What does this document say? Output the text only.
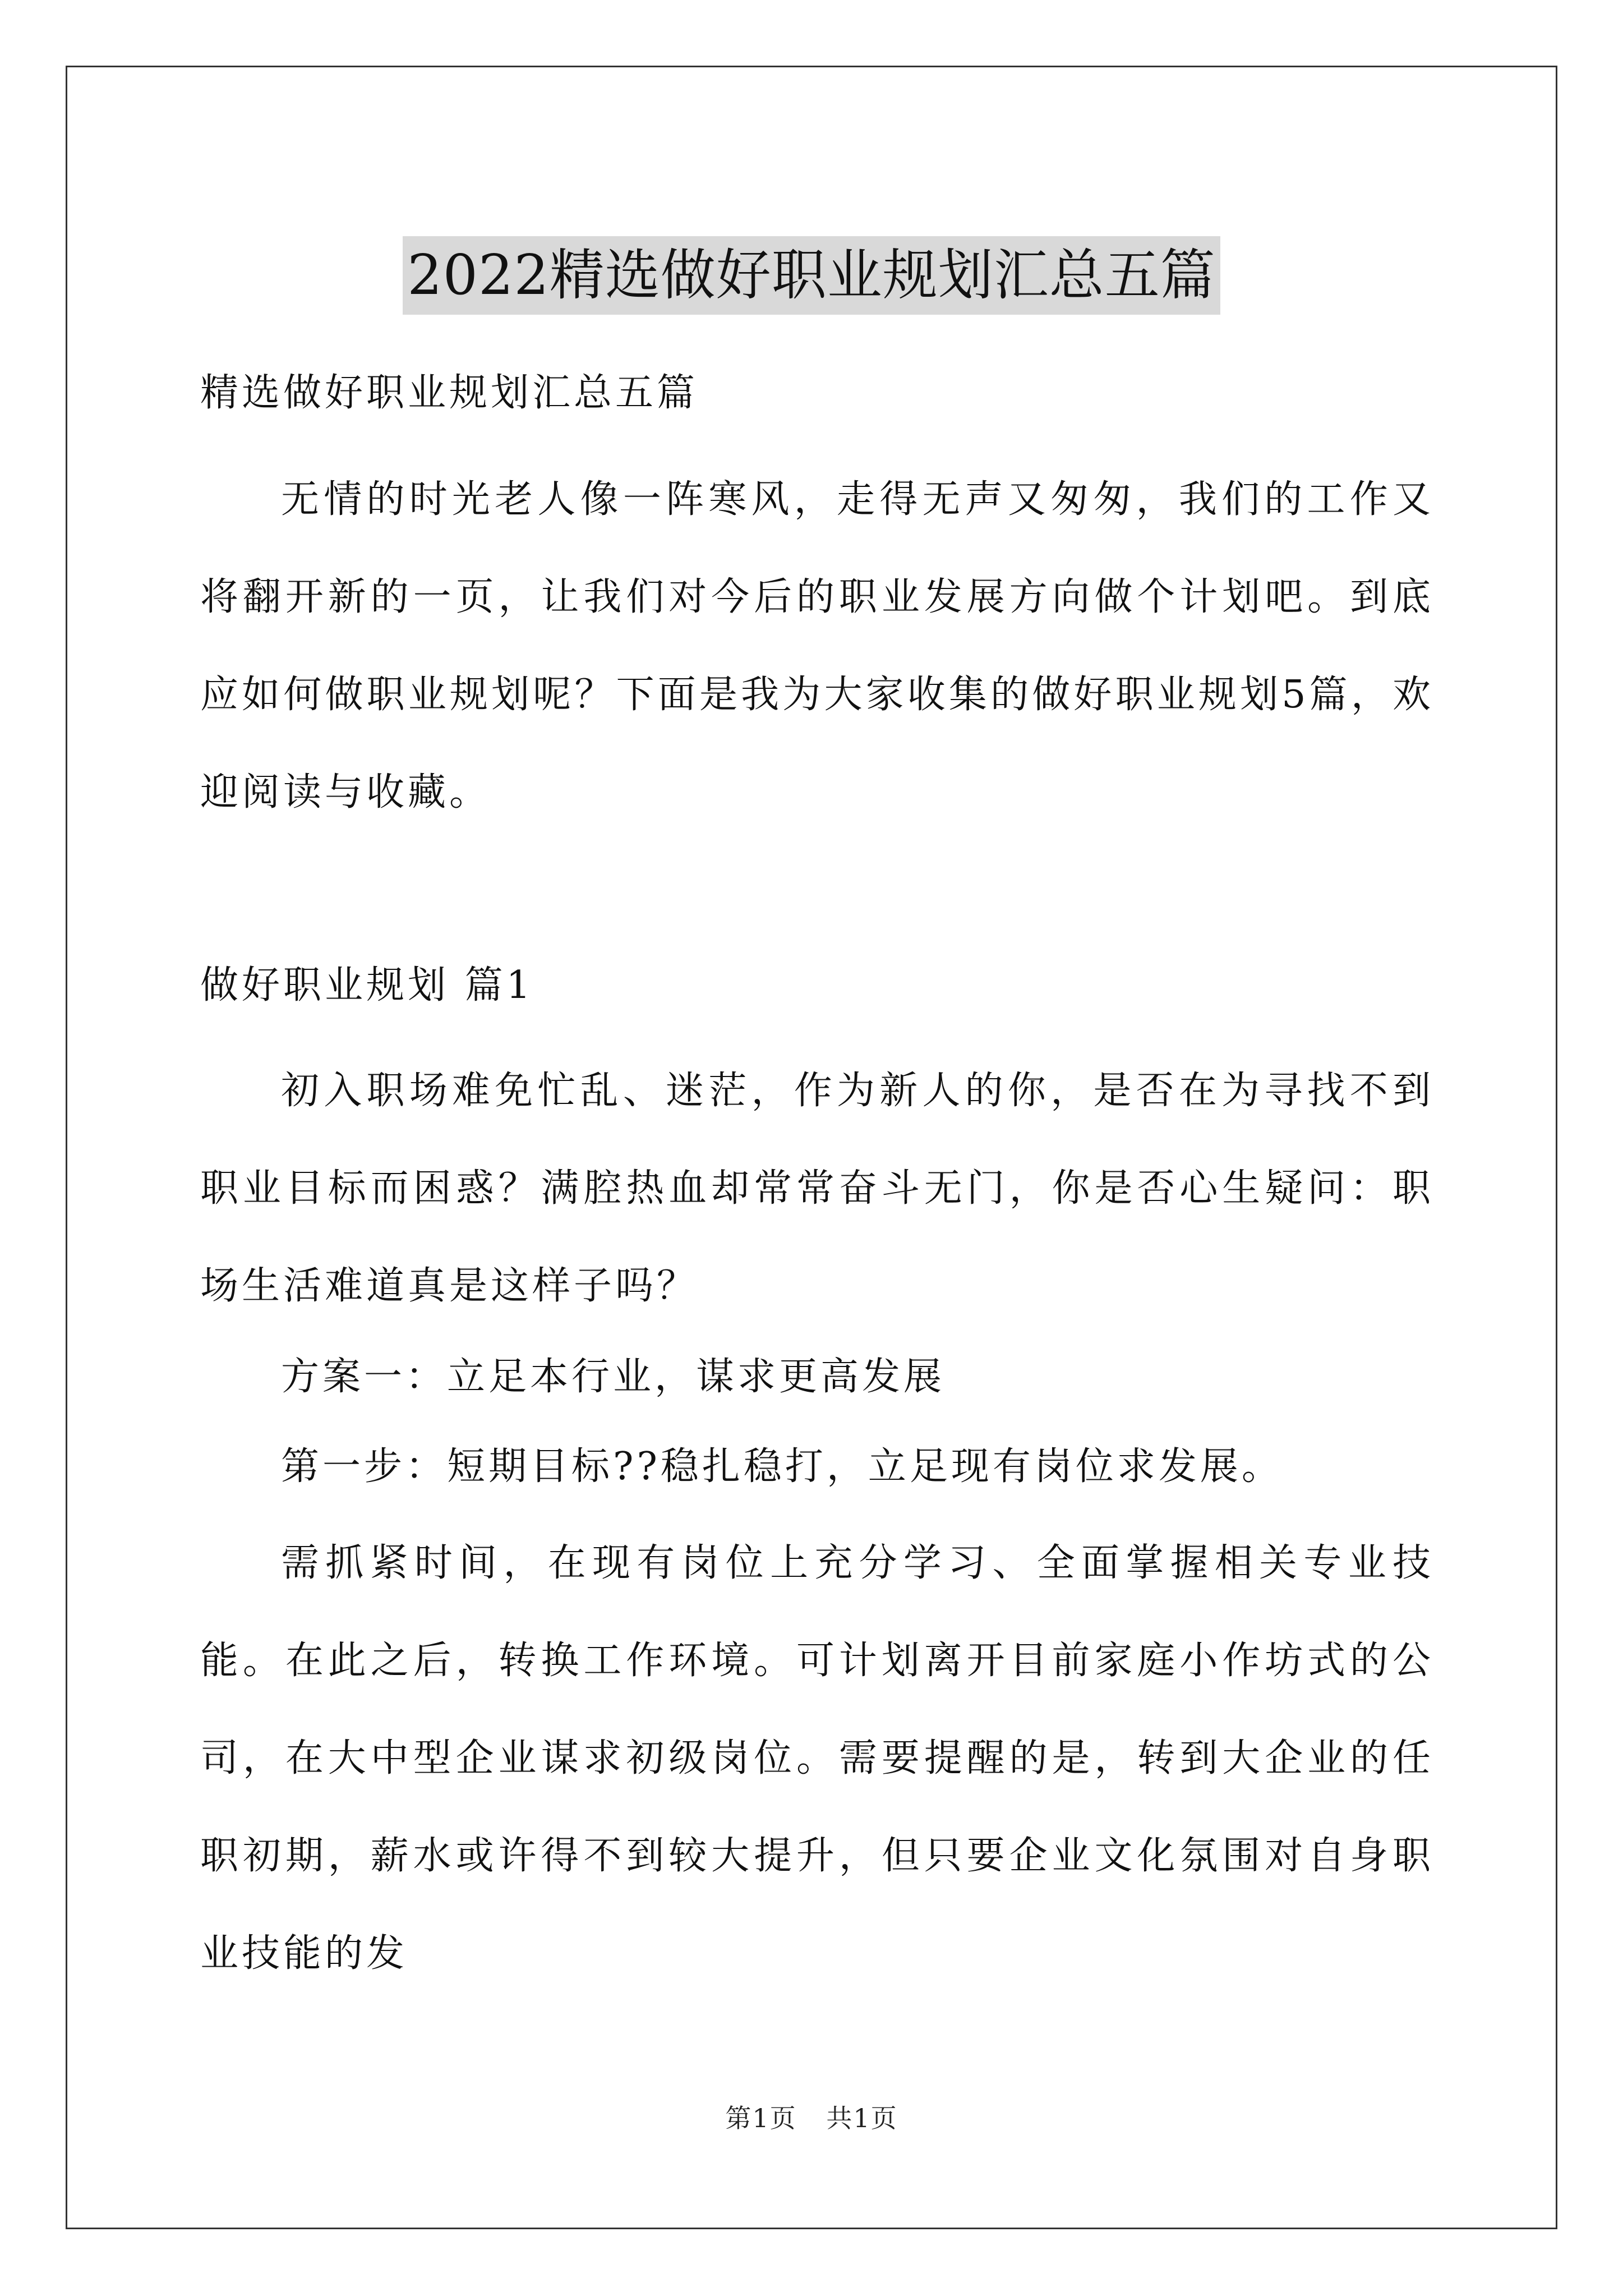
2022精选做好职业规划汇总五篇

精选做好职业规划汇总五篇

无情的时光老人像一阵寒风，走得无声又匆匆，我们的工作又将翻开新的一页，让我们对今后的职业发展方向做个计划吧。到底应如何做职业规划呢？下面是我为大家收集的做好职业规划5篇，欢迎阅读与收藏。

做好职业规划 篇1

初入职场难免忙乱、迷茫，作为新人的你，是否在为寻找不到职业目标而困惑？满腔热血却常常奋斗无门，你是否心生疑问：职场生活难道真是这样子吗？

方案一：立足本行业，谋求更高发展

第一步：短期目标??稳扎稳打，立足现有岗位求发展。

需抓紧时间，在现有岗位上充分学习、全面掌握相关专业技能。在此之后，转换工作环境。可计划离开目前家庭小作坊式的公司，在大中型企业谋求初级岗位。需要提醒的是，转到大企业的任职初期，薪水或许得不到较大提升，但只要企业文化氛围对自身职业技能的发

第1页 共1页
